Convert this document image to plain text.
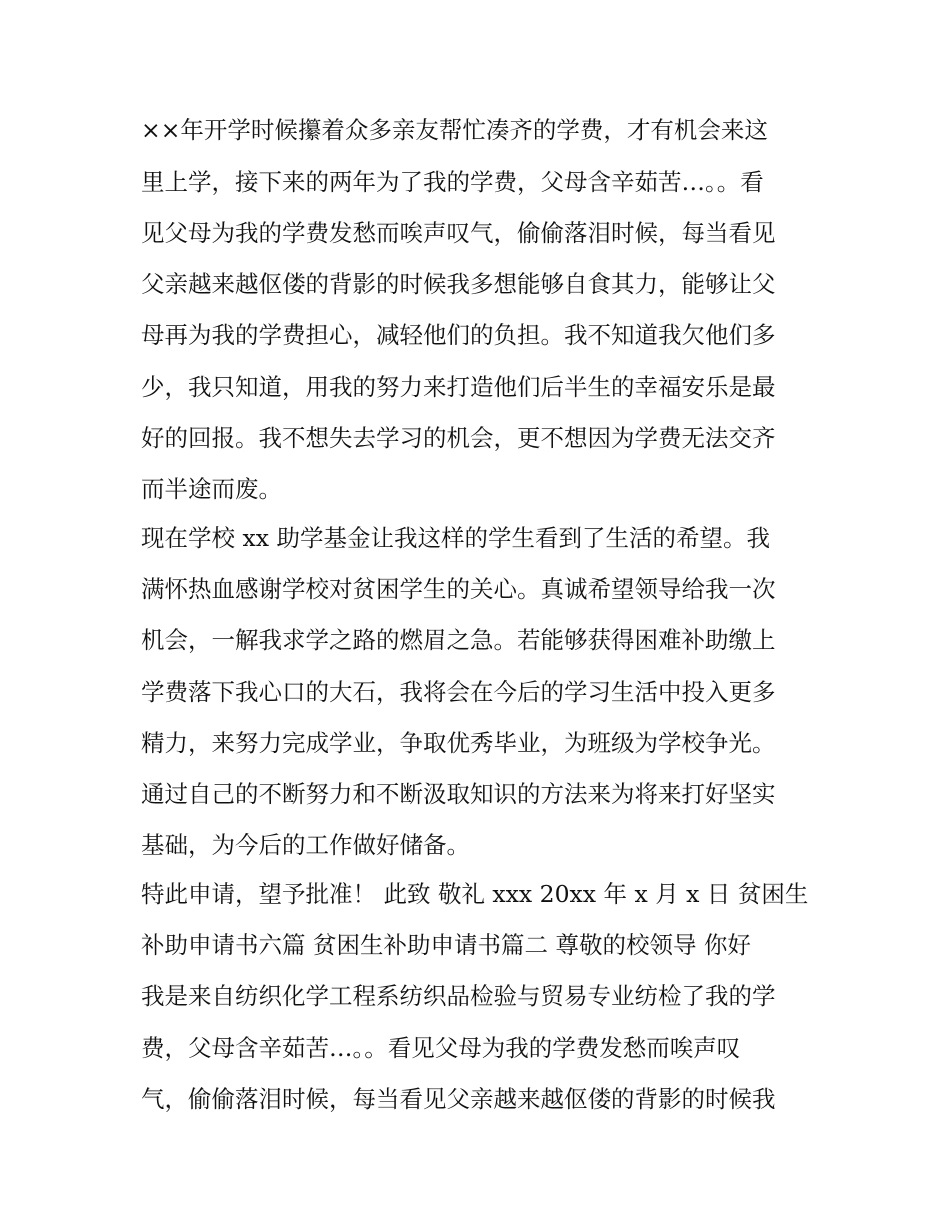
××年开学时候攥着众多亲友帮忙凑齐的学费，才有机会来这
里上学，接下来的两年为了我的学费，父母含辛茹苦…。。看
见父母为我的学费发愁而唉声叹气，偷偷落泪时候，每当看见
父亲越来越伛偻的背影的时候我多想能够自食其力，能够让父
母再为我的学费担心，减轻他们的负担。我不知道我欠他们多
少，我只知道，用我的努力来打造他们后半生的幸福安乐是最
好的回报。我不想失去学习的机会，更不想因为学费无法交齐
而半途而废。
现在学校 xx 助学基金让我这样的学生看到了生活的希望。我
满怀热血感谢学校对贫困学生的关心。真诚希望领导给我一次
机会，一解我求学之路的燃眉之急。若能够获得困难补助缴上
学费落下我心口的大石，我将会在今后的学习生活中投入更多
精力，来努力完成学业，争取优秀毕业，为班级为学校争光。
通过自己的不断努力和不断汲取知识的方法来为将来打好坚实
基础，为今后的工作做好储备。
特此申请，望予批准！ 此致 敬礼 xxx 20xx 年 x 月 x 日 贫困生
补助申请书六篇 贫困生补助申请书篇二 尊敬的校领导 你好
我是来自纺织化学工程系纺织品检验与贸易专业纺检了我的学
费，父母含辛茹苦…。。看见父母为我的学费发愁而唉声叹
气，偷偷落泪时候，每当看见父亲越来越伛偻的背影的时候我
